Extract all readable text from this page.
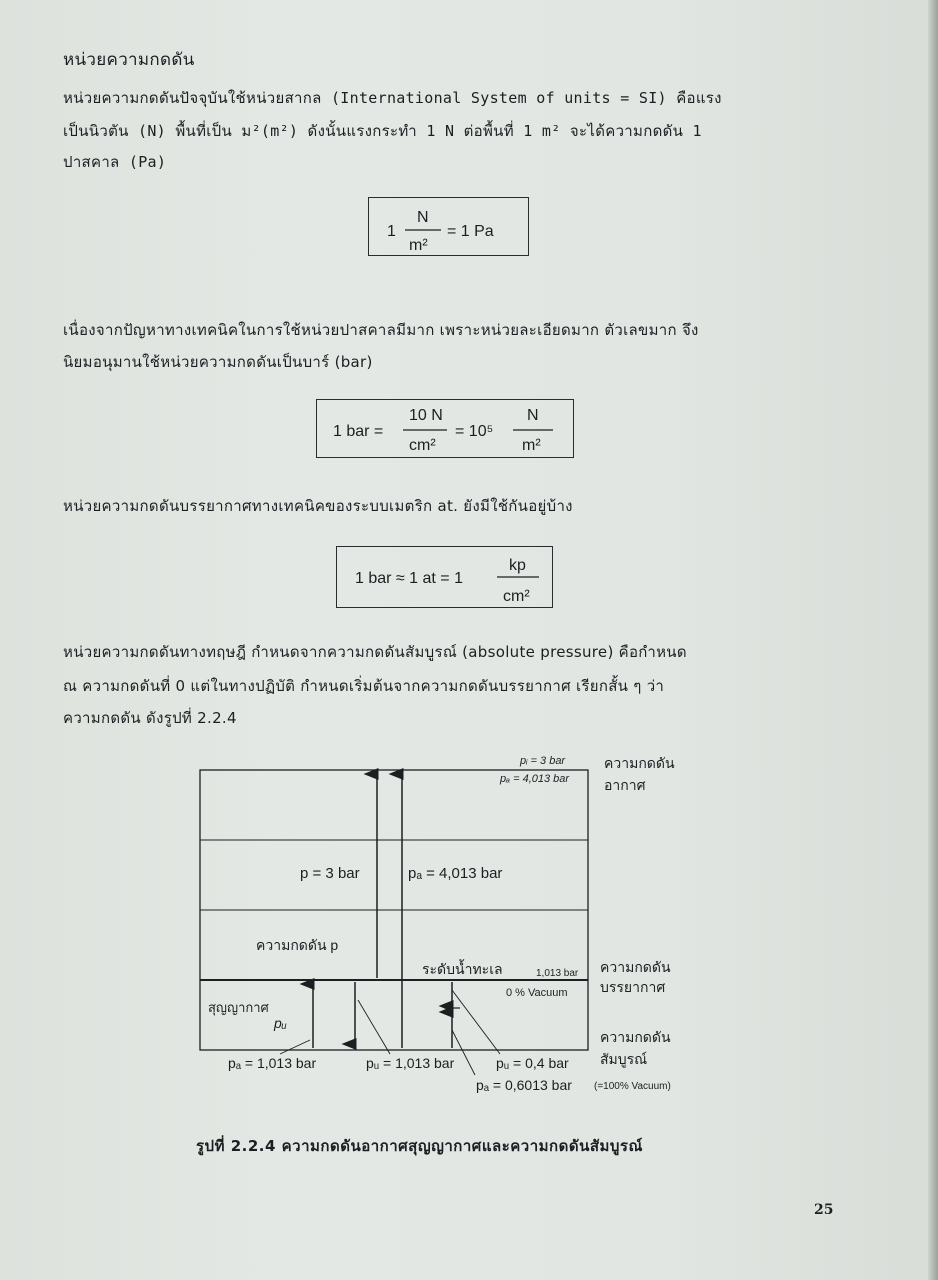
หน่วยความกดดัน
หน่วยความกดดันปัจจุบันใช้หน่วยสากล (International System of units = SI) คือแรง
เป็นนิวตัน (N) พื้นที่เป็น ม²(m²) ดังนั้นแรงกระทำ 1 N ต่อพื้นที่ 1 m² จะได้ความกดดัน 1
ปาสคาล (Pa)
1
N
m²
= 1 Pa
เนื่องจากปัญหาทางเทคนิคในการใช้หน่วยปาสคาลมีมาก เพราะหน่วยละเอียดมาก ตัวเลขมาก จึง
นิยมอนุมานใช้หน่วยความกดดันเป็นบาร์ (bar)
1 bar =
10 N
cm²
= 10⁵
N
m²
หน่วยความกดดันบรรยากาศทางเทคนิคของระบบเมตริก at. ยังมีใช้กันอยู่บ้าง
1 bar ≈ 1 at = 1
kp
cm²
หน่วยความกดดันทางทฤษฎี กำหนดจากความกดดันสัมบูรณ์ (absolute pressure) คือกำหนด
ณ ความกดดันที่ 0 แต่ในทางปฏิบัติ กำหนดเริ่มต้นจากความกดดันบรรยากาศ เรียกสั้น ๆ ว่า
ความกดดัน ดังรูปที่ 2.2.4
pᵢ = 3 bar
pₐ = 4,013 bar
ความกดดัน
อากาศ
ความกดดัน
บรรยากาศ
ความกดดัน
สัมบูรณ์
p = 3 bar	pₐ = 4,013 bar
ความกดดัน p
ระดับน้ำทะเล	1,013 bar
0 % Vacuum
สุญญากาศ
pᵤ
pₐ = 1,013 bar	pᵤ = 1,013 bar	pᵤ = 0,4 bar
pₐ = 0,6013 bar (=100% Vacuum)
รูปที่ 2.2.4 ความกดดันอากาศสุญญากาศและความกดดันสัมบูรณ์
25
